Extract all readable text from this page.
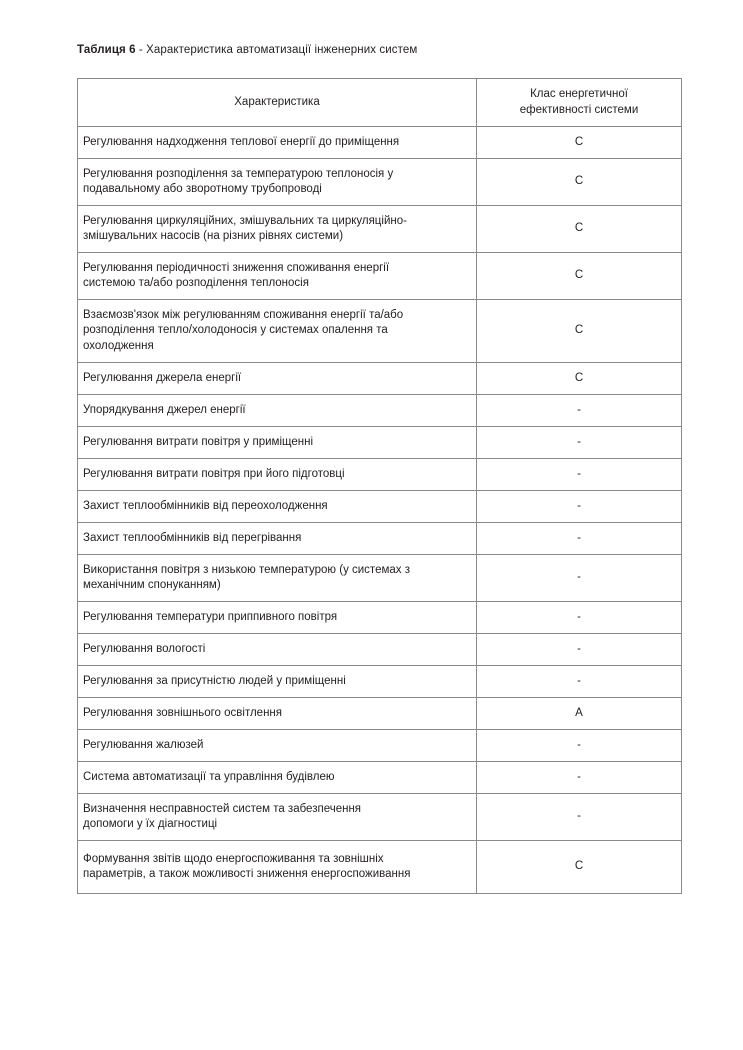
Таблиця 6 - Характеристика автоматизації інженерних систем
Характеристика	Клас енергетичної
ефективності системи

Регулювання надходження теплової енергії до приміщення	C

Регулювання розподілення за температурою теплоносія у
подавальному або зворотному трубопроводі	C

Регулювання циркуляційних, змішувальних та циркуляційно-
змішувальних насосів (на різних рівнях системи)	C

Регулювання періодичності зниження споживання енергії
системою та/або розподілення теплоносія	C

Взаємозв'язок між регулюванням споживання енергії та/або
розподілення тепло/холодоносія у системах опалення та
охолодження	C

Регулювання джерела енергії	C

Упорядкування джерел енергії	-

Регулювання витрати повітря у приміщенні	-

Регулювання витрати повітря при його підготовці	-

Захист теплообмінників від переохолодження	-

Захист теплообмінників від перегрівання	-

Використання повітря з низькою температурою (у системах з
механічним спонуканням)	-

Регулювання температури приппивного повітря	-

Регулювання вологості	-

Регулювання за присутністю людей у приміщенні	-

Регулювання зовнішнього освітлення	A

Регулювання жалюзей	-

Система автоматизації та управління будівлею	-

Визначення несправностей систем та забезпечення
допомоги у їх діагностиці	-

Формування звітів щодо енергоспоживання та зовнішніх
параметрів, а також можливості зниження енергоспоживання	C
